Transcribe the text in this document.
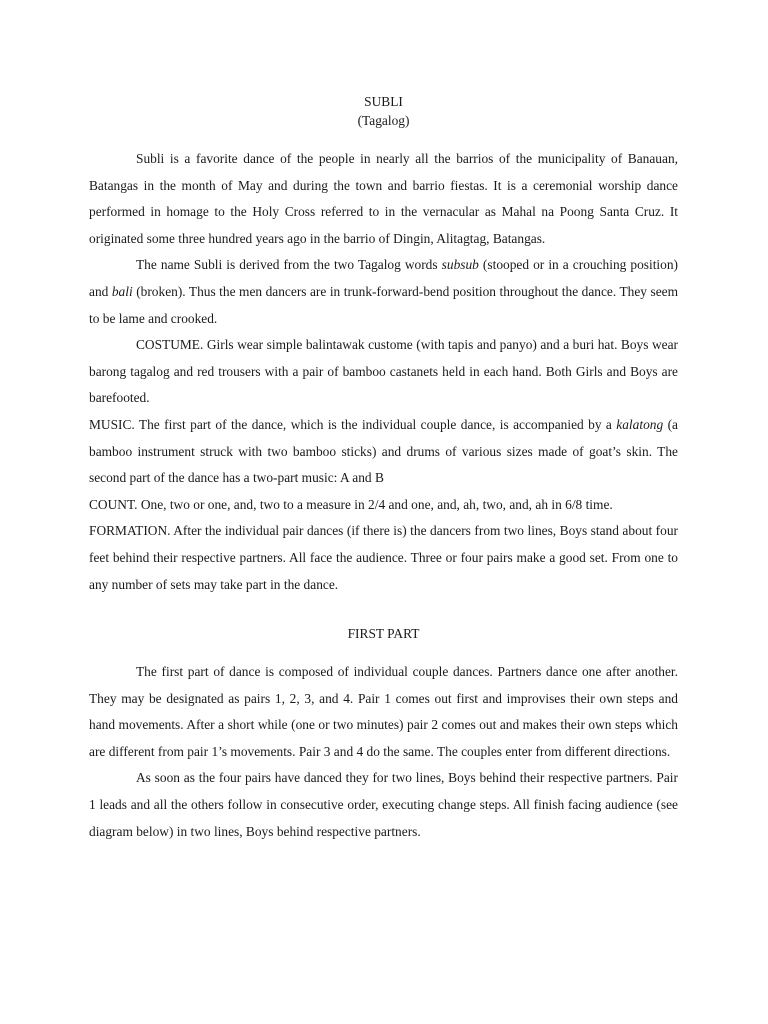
SUBLI

(Tagalog)

Subli is a favorite dance of the people in nearly all the barrios of the municipality of Banauan, Batangas in the month of May and during the town and barrio fiestas. It is a ceremonial worship dance performed in homage to the Holy Cross referred to in the vernacular as Mahal na Poong Santa Cruz. It originated some three hundred years ago in the barrio of Dingin, Alitagtag, Batangas.

The name Subli is derived from the two Tagalog words subsub (stooped or in a crouching position) and bali (broken). Thus the men dancers are in trunk-forward-bend position throughout the dance. They seem to be lame and crooked.

COSTUME. Girls wear simple balintawak custome (with tapis and panyo) and a buri hat. Boys wear barong tagalog and red trousers with a pair of bamboo castanets held in each hand. Both Girls and Boys are barefooted.

MUSIC. The first part of the dance, which is the individual couple dance, is accompanied by a kalatong (a bamboo instrument struck with two bamboo sticks) and drums of various sizes made of goat’s skin. The second part of the dance has a two-part music: A and B

COUNT. One, two or one, and, two to a measure in 2/4 and one, and, ah, two, and, ah in 6/8 time.

FORMATION. After the individual pair dances (if there is) the dancers from two lines, Boys stand about four feet behind their respective partners. All face the audience. Three or four pairs make a good set. From one to any number of sets may take part in the dance.

FIRST PART

The first part of dance is composed of individual couple dances. Partners dance one after another. They may be designated as pairs 1, 2, 3, and 4. Pair 1 comes out first and improvises their own steps and hand movements. After a short while (one or two minutes) pair 2 comes out and makes their own steps which are different from pair 1’s movements. Pair 3 and 4 do the same. The couples enter from different directions.

As soon as the four pairs have danced they for two lines, Boys behind their respective partners. Pair 1 leads and all the others follow in consecutive order, executing change steps. All finish facing audience (see diagram below) in two lines, Boys behind respective partners.
